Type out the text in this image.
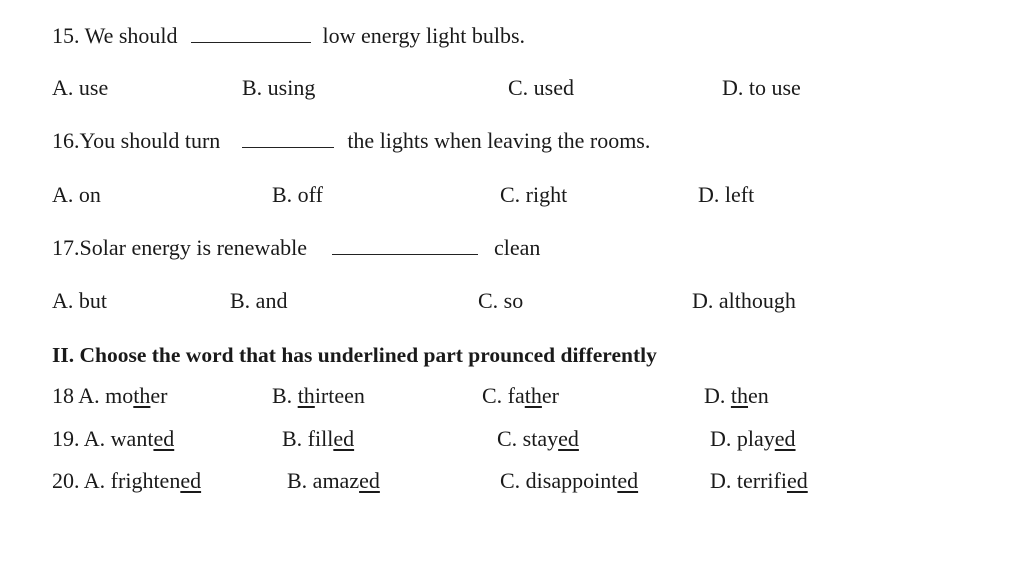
15. We should	low energy light bulbs.
A. use	B. using	C. used	D. to use
16.You should turn	the lights when leaving the rooms.
A. on	B. off	C. right	D. left
17.Solar energy is renewable	clean
A. but	B. and	C. so	D. although
II. Choose the word that has underlined part prounced differently
18 A. mother	B. thirteen	C. father	D. then
19. A. wanted	B. filled	C. stayed	D. played
20. A. frightened	B. amazed	C. disappointed	D. terrified
